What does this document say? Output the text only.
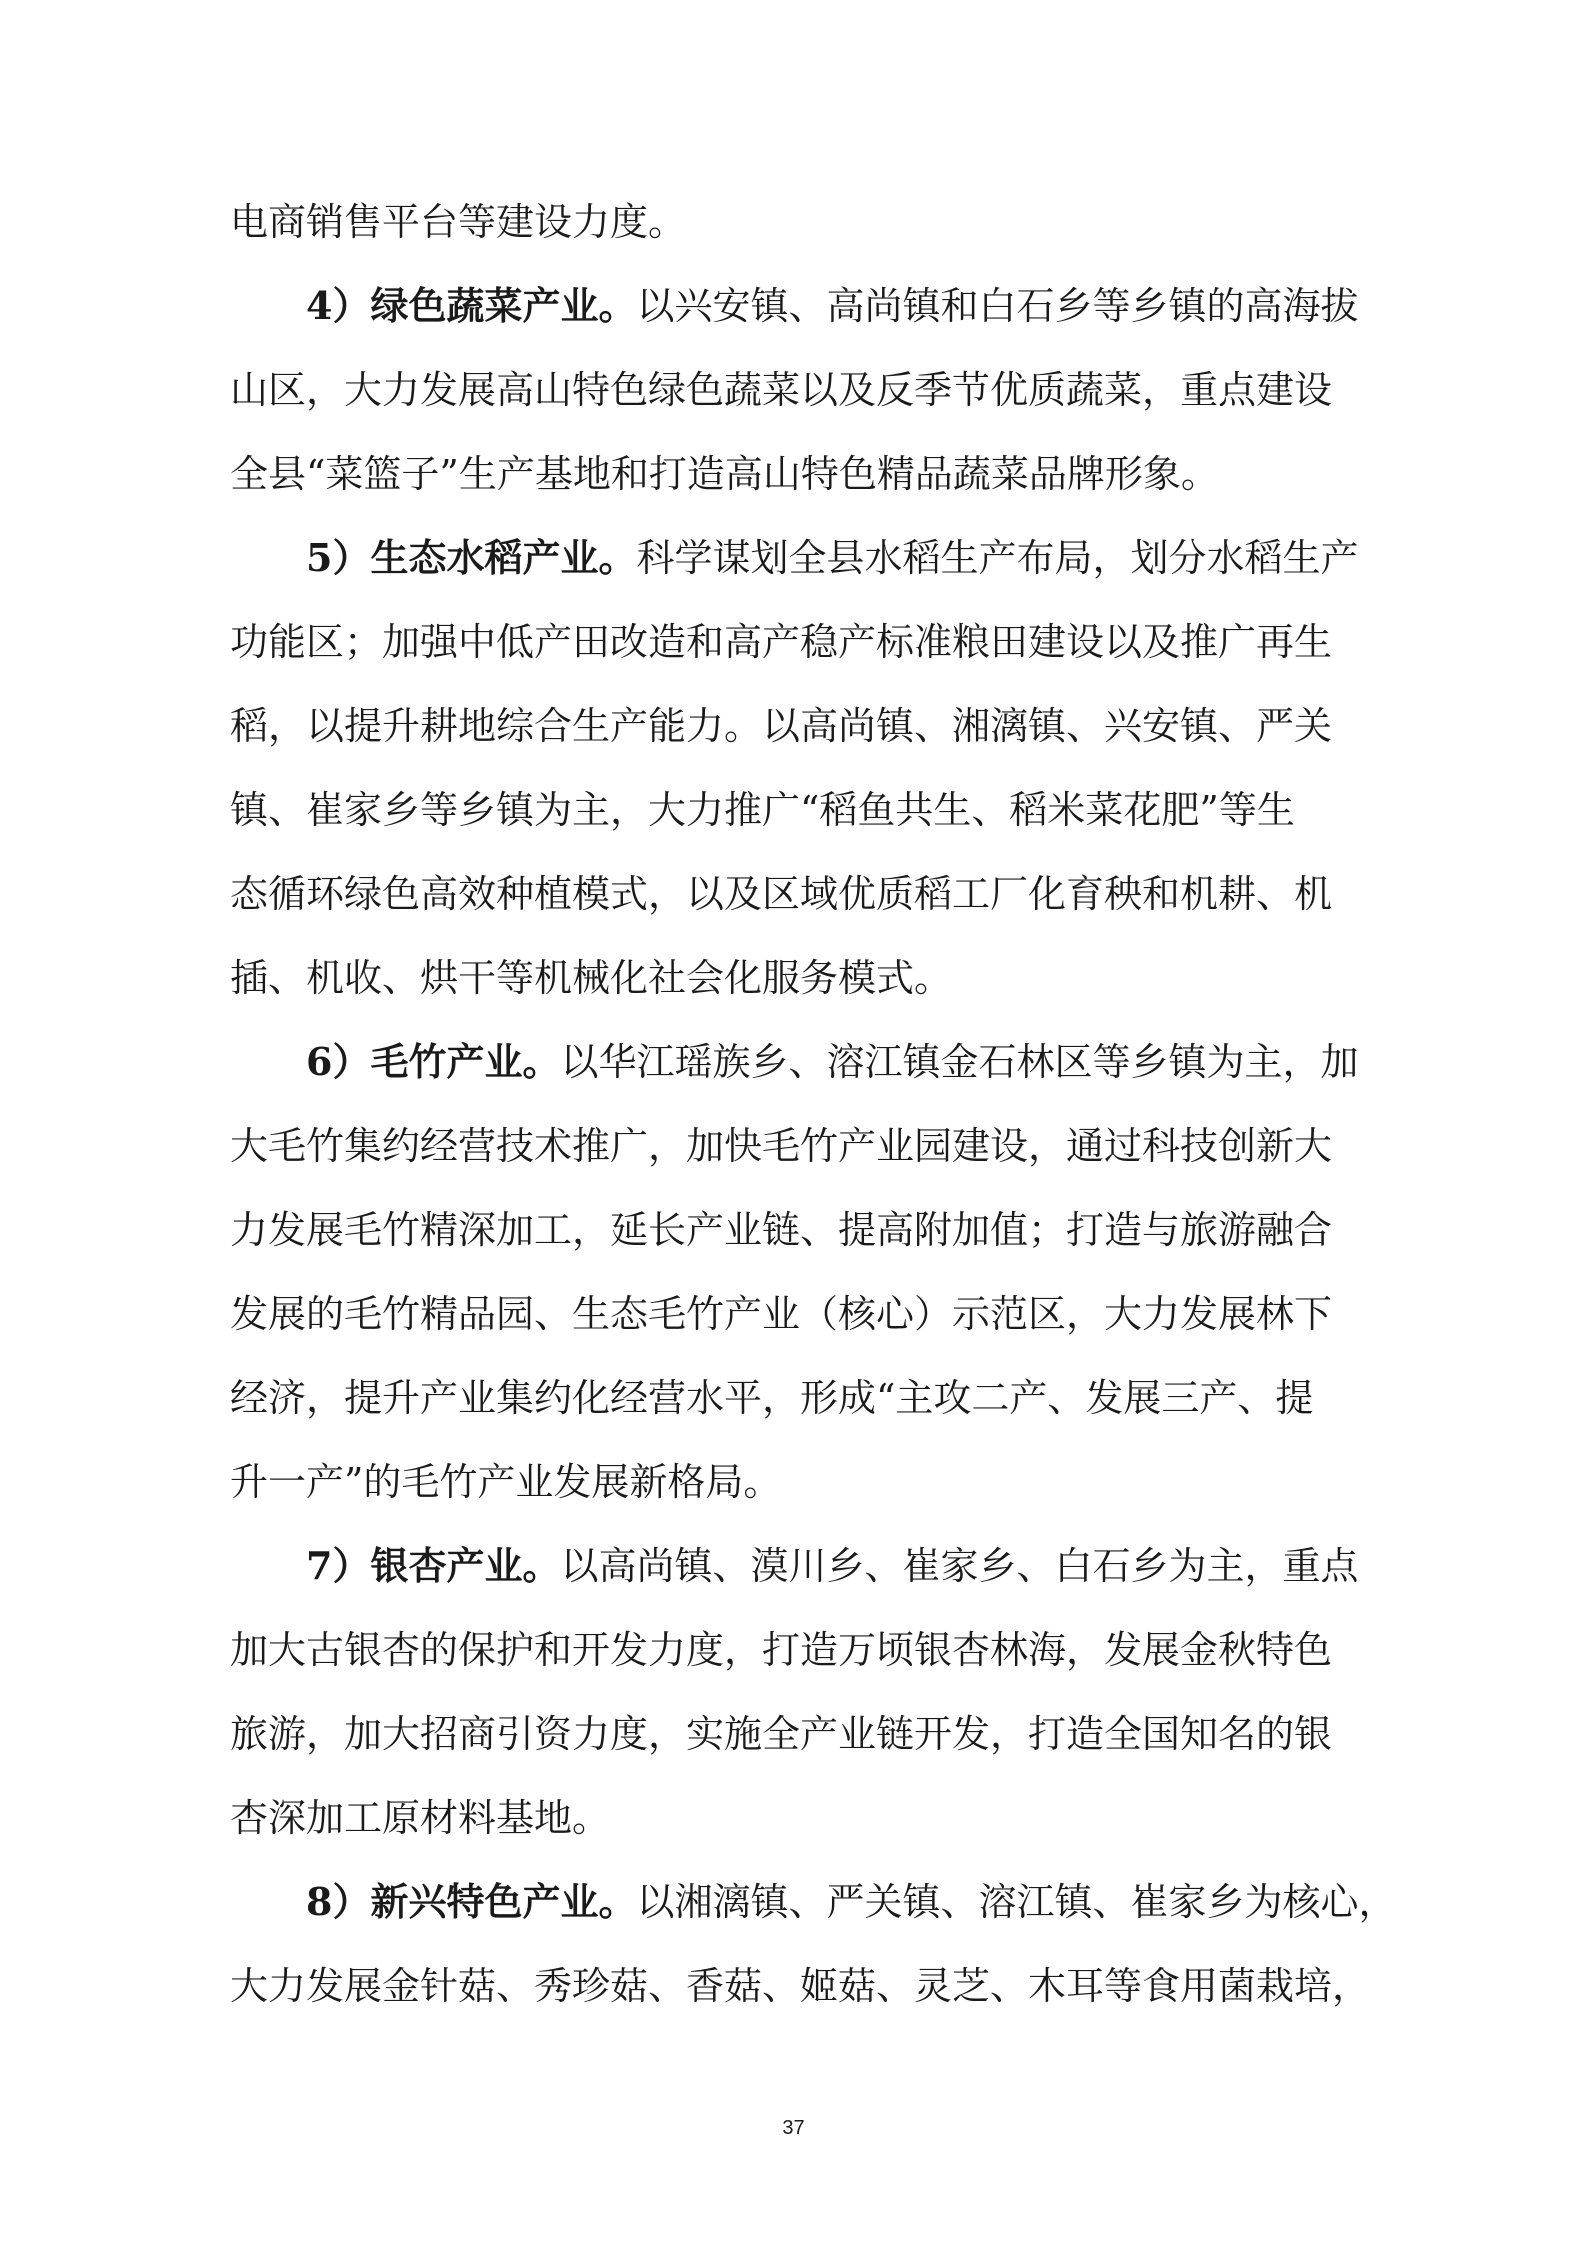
电商销售平台等建设力度。
4）绿色蔬菜产业。以兴安镇、高尚镇和白石乡等乡镇的高海拔
山区，大力发展高山特色绿色蔬菜以及反季节优质蔬菜，重点建设
全县“菜篮子”生产基地和打造高山特色精品蔬菜品牌形象。
5）生态水稻产业。科学谋划全县水稻生产布局，划分水稻生产
功能区；加强中低产田改造和高产稳产标准粮田建设以及推广再生
稻，以提升耕地综合生产能力。以高尚镇、湘漓镇、兴安镇、严关
镇、崔家乡等乡镇为主，大力推广“稻鱼共生、稻米菜花肥”等生
态循环绿色高效种植模式，以及区域优质稻工厂化育秧和机耕、机
插、机收、烘干等机械化社会化服务模式。
6）毛竹产业。以华江瑶族乡、溶江镇金石林区等乡镇为主，加
大毛竹集约经营技术推广，加快毛竹产业园建设，通过科技创新大
力发展毛竹精深加工，延长产业链、提高附加值；打造与旅游融合
发展的毛竹精品园、生态毛竹产业（核心）示范区，大力发展林下
经济，提升产业集约化经营水平，形成“主攻二产、发展三产、提
升一产”的毛竹产业发展新格局。
7）银杏产业。以高尚镇、漠川乡、崔家乡、白石乡为主，重点
加大古银杏的保护和开发力度，打造万顷银杏林海，发展金秋特色
旅游，加大招商引资力度，实施全产业链开发，打造全国知名的银
杏深加工原材料基地。
8）新兴特色产业。以湘漓镇、严关镇、溶江镇、崔家乡为核心，
大力发展金针菇、秀珍菇、香菇、姬菇、灵芝、木耳等食用菌栽培，
37
